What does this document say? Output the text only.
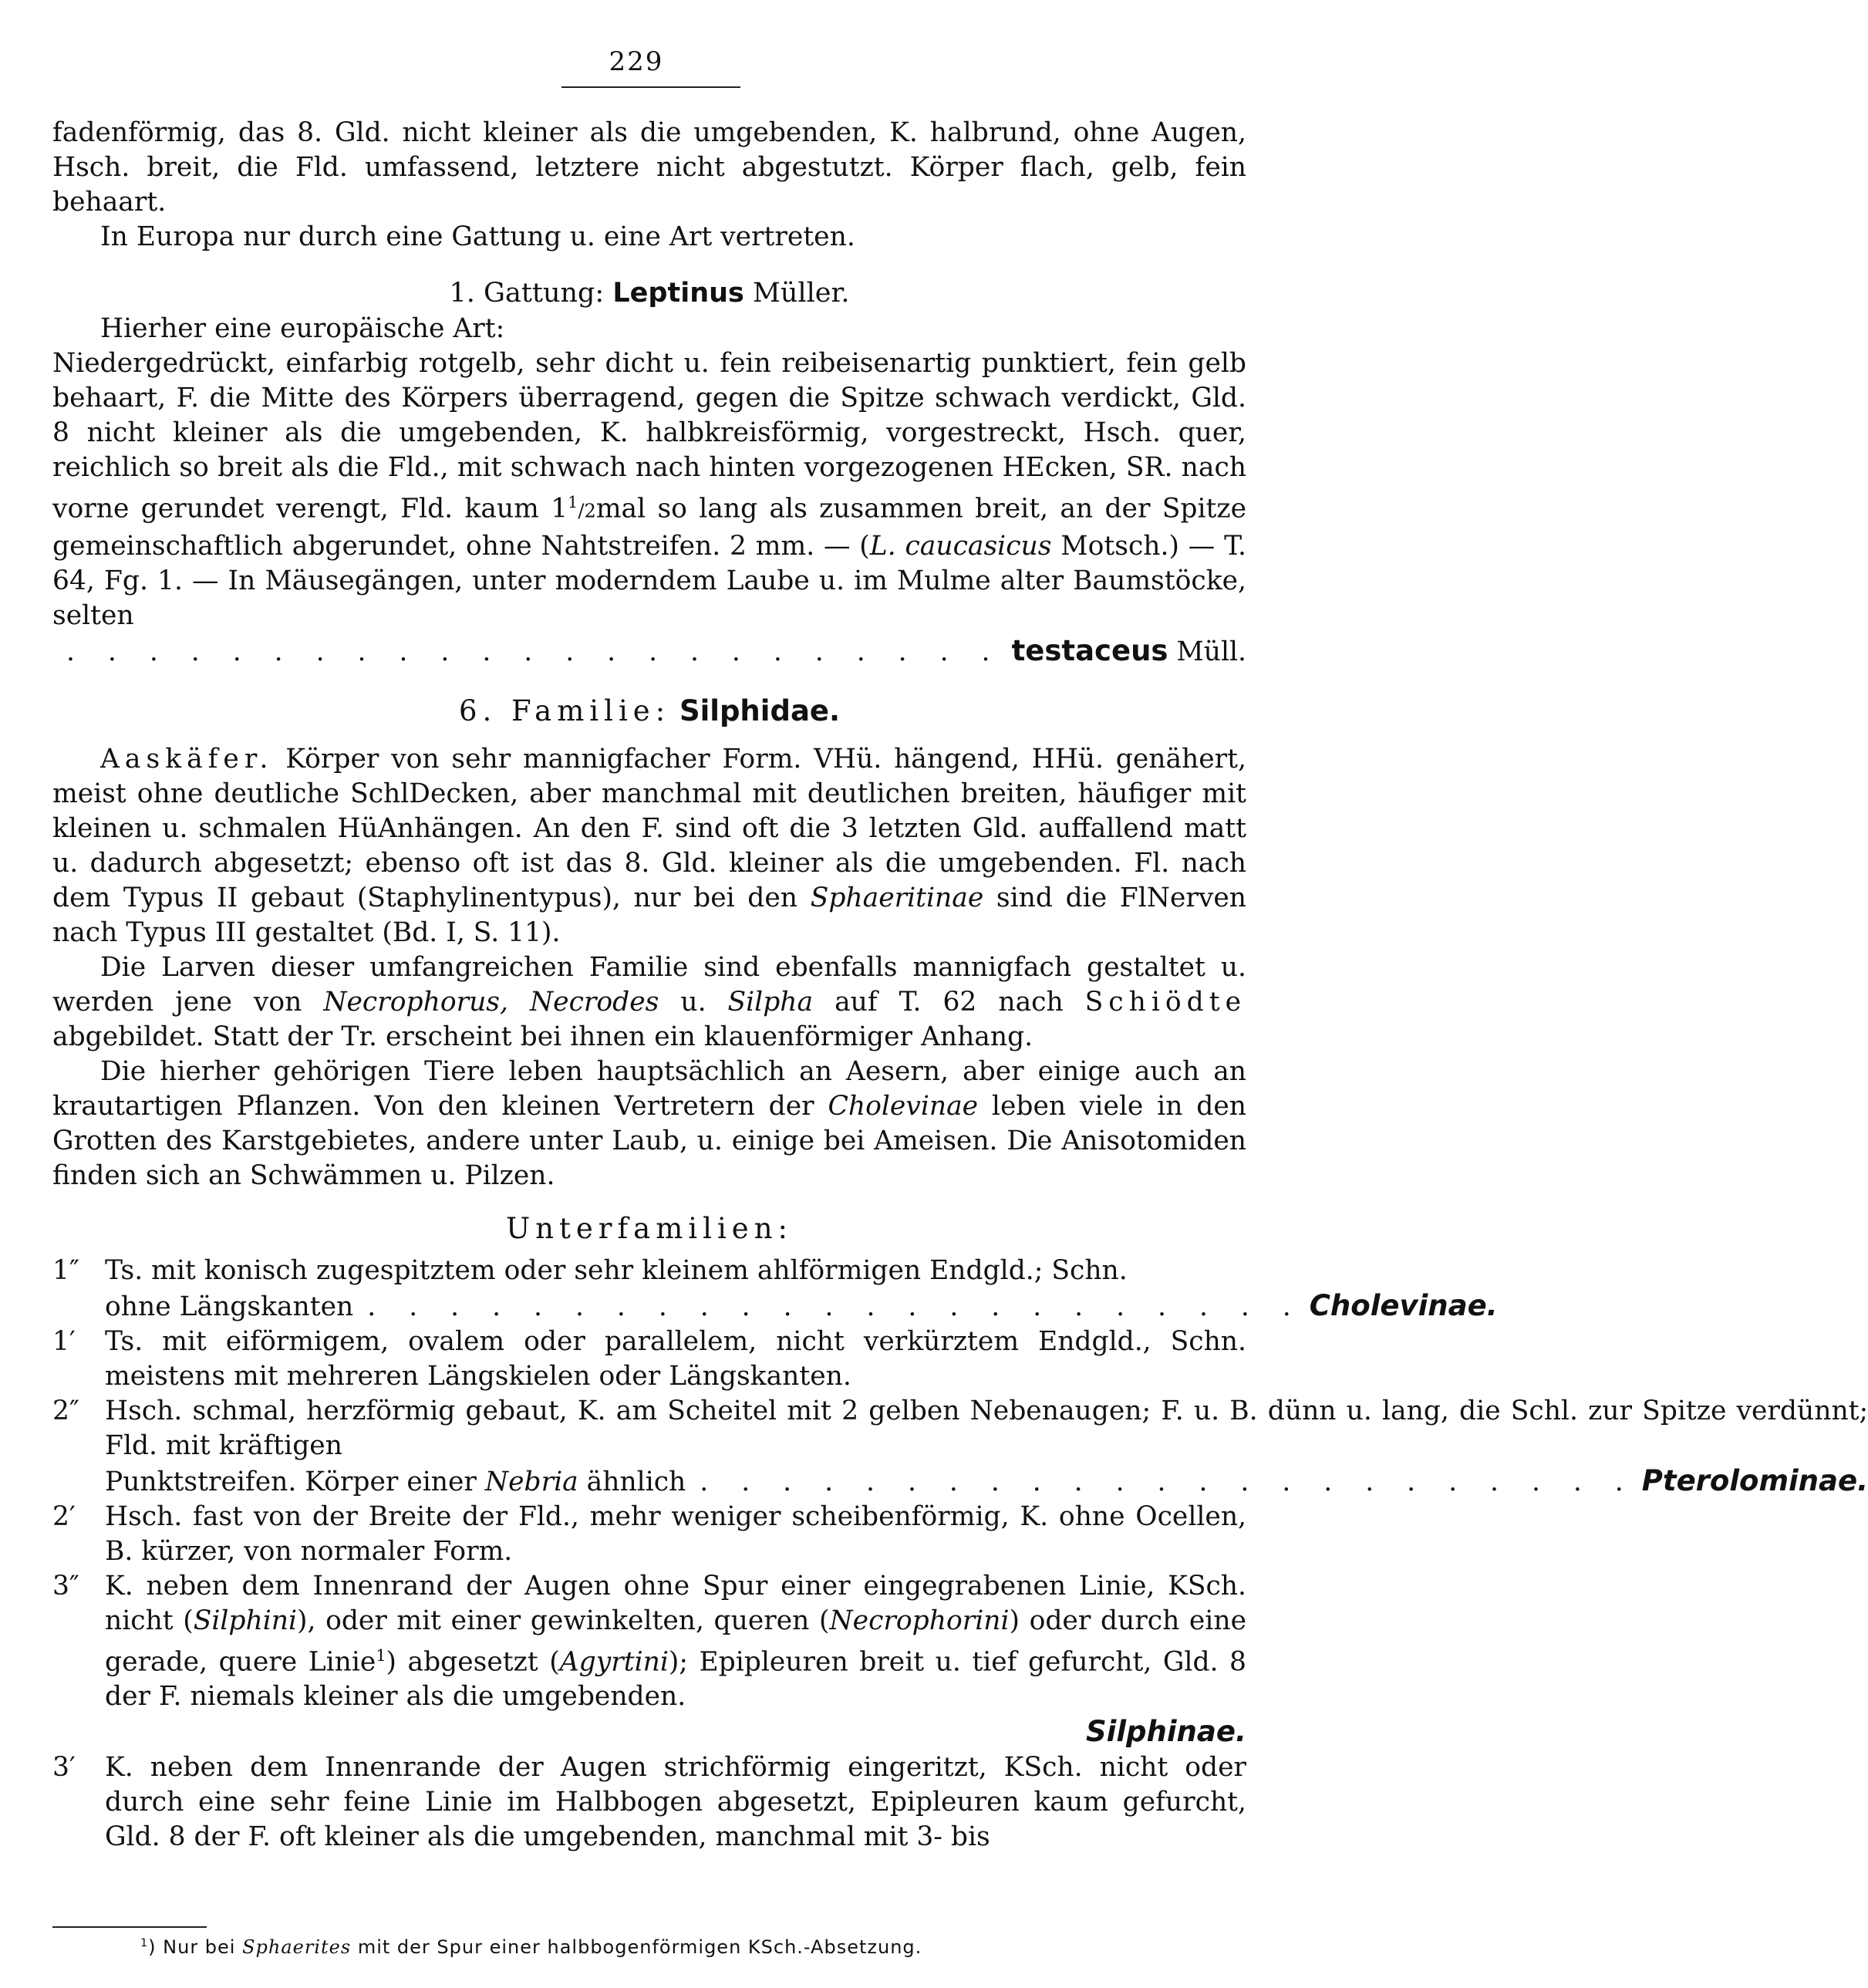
229

fadenförmig, das 8. Gld. nicht kleiner als die umgebenden, K. halbrund, ohne Augen, Hsch. breit, die Fld. umfassend, letztere nicht abgestutzt. Körper flach, gelb, fein behaart.

In Europa nur durch eine Gattung u. eine Art vertreten.

1. Gattung: Leptinus Müller.

Hierher eine europäische Art:

Niedergedrückt, einfarbig rotgelb, sehr dicht u. fein reibeisenartig punktiert, fein gelb behaart, F. die Mitte des Körpers überragend, gegen die Spitze schwach verdickt, Gld. 8 nicht kleiner als die umgebenden, K. halbkreisförmig, vorgestreckt, Hsch. quer, reichlich so breit als die Fld., mit schwach nach hinten vorgezogenen HEcken, SR. nach vorne gerundet verengt, Fld. kaum $1^1/2mal$ so lang als zusammen breit, an der Spitze gemeinschaftlich abgerundet, ohne Nahtstreifen. 2 mm. — (L. caucasicus Motsch.) — T. 64, Fg. 1. — In Mäusegängen, unter moderndem Laube u. im Mulme alter Baumstöcke, selten
. . . . . . . . . . . . . . . . . . . . . . . testaceus Müll.

6. Familie: Silphidae.

Aaskäfer. Körper von sehr mannigfacher Form. VHü. hängend, HHü. genähert, meist ohne deutliche SchlDecken, aber manchmal mit deutlichen breiten, häufiger mit kleinen u. schmalen HüAnhängen. An den F. sind oft die 3 letzten Gld. auffallend matt u. dadurch abgesetzt; ebenso oft ist das 8. Gld. kleiner als die umgebenden. Fl. nach dem Typus II gebaut (Staphylinentypus), nur bei den Sphaeritinae sind die FlNerven nach Typus III gestaltet (Bd. I, S. 11).
Die Larven dieser umfangreichen Familie sind ebenfalls mannigfach gestaltet u. werden jene von Necrophorus, Necrodes u. Silpha auf T. 62 nach Schiödte abgebildet. Statt der Tr. erscheint bei ihnen ein klauenförmiger Anhang.
Die hierher gehörigen Tiere leben hauptsächlich an Aesern, aber einige auch an krautartigen Pflanzen. Von den kleinen Vertretern der Cholevinae leben viele in den Grotten des Karstgebietes, andere unter Laub, u. einige bei Ameisen. Die Anisotomiden finden sich an Schwämmen u. Pilzen.

Unterfamilien:

1″ Ts. mit konisch zugespitztem oder sehr kleinem ahlförmigen Endgld.; Schn.
ohne Längskanten . . . . . . . . . . . . . . . . . . . . . . . Cholevinae.
1′	Ts. mit eiförmigem, ovalem oder parallelem, nicht verkürztem Endgld., Schn. meistens mit mehreren Längskielen oder Längskanten.
2″ Hsch. schmal, herzförmig gebaut, K. am Scheitel mit 2 gelben Nebenaugen; F. u. B. dünn u. lang, die Schl. zur Spitze verdünnt; Fld. mit kräftigen
Punktstreifen. Körper einer Nebria ähnlich . . . . . . . . . . . . . . . . . . . . . . . Pterolominae.
2′	Hsch. fast von der Breite der Fld., mehr weniger scheibenförmig, K. ohne Ocellen, B. kürzer, von normaler Form.
3″ K. neben dem Innenrand der Augen ohne Spur einer eingegrabenen Linie, KSch. nicht (Silphini), oder mit einer gewinkelten, queren (Necrophorini) oder durch eine gerade, quere Linie$^1$) abgesetzt (Agyrtini); Epipleuren breit u. tief gefurcht, Gld. 8 der F. niemals kleiner als die umgebenden.
Silphinae.
3′	K. neben dem Innenrande der Augen strichförmig eingeritzt, KSch. nicht oder durch eine sehr feine Linie im Halbbogen abgesetzt, Epipleuren kaum gefurcht, Gld. 8 der F. oft kleiner als die umgebenden, manchmal mit 3- bis
$^1$) Nur bei Sphaerites mit der Spur einer halbbogenförmigen KSch.-Absetzung.
